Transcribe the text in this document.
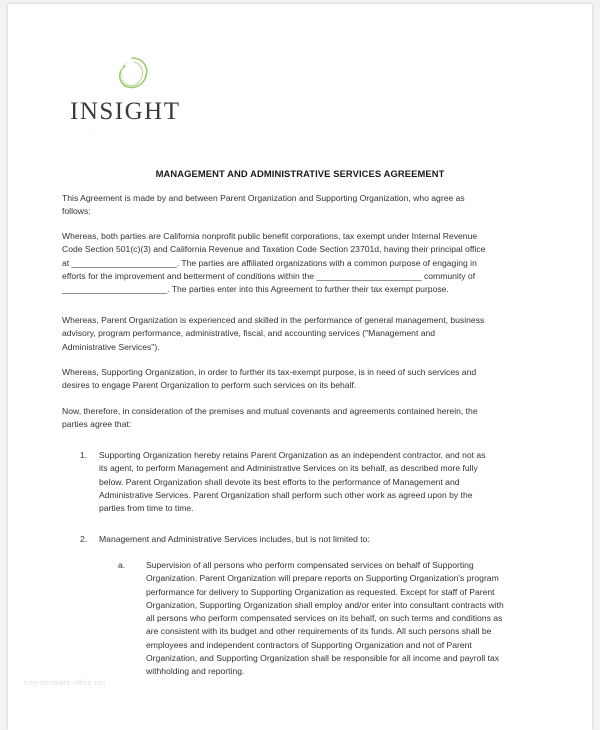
INSIGHT
· · · · · · ·
MANAGEMENT AND ADMINISTRATIVE SERVICES AGREEMENT
This Agreement is made by and between Parent Organization and Supporting Organization, who agree as
follows:
Whereas, both parties are California nonprofit public benefit corporations, tax exempt under Internal Revenue
Code Section 501(c)(3) and California Revenue and Taxation Code Section 23701d, having their principal office
at ______________________. The parties are affiliated organizations with a common purpose of engaging in
efforts for the improvement and betterment of conditions within the ______________________ community of
______________________. The parties enter into this Agreement to further their tax exempt purpose.
Whereas, Parent Organization is experienced and skilled in the performance of general management, business
advisory, program performance, administrative, fiscal, and accounting services ("Management and
Administrative Services").
Whereas, Supporting Organization, in order to further its tax-exempt purpose, is in need of such services and
desires to engage Parent Organization to perform such services on its behalf.
Now, therefore, in consideration of the premises and mutual covenants and agreements contained herein, the
parties agree that:
1. Supporting Organization hereby retains Parent Organization as an independent contractor, and not as
its agent, to perform Management and Administrative Services on its behalf, as described more fully
below. Parent Organization shall devote its best efforts to the performance of Management and
Administrative Services. Parent Organization shall perform such other work as agreed upon by the
parties from time to time.
2. Management and Administrative Services includes, but is not limited to:
a. Supervision of all persons who perform compensated services on behalf of Supporting
Organization. Parent Organization will prepare reports on Supporting Organization's program
performance for delivery to Supporting Organization as requested. Except for staff of Parent
Organization, Supporting Organization shall employ and/or enter into consultant contracts with
all persons who perform compensated services on its behalf, on such terms and conditions as
are consistent with its budget and other requirements of its funds. All such persons shall be
employees and independent contractors of Supporting Organization and not of Parent
Organization, and Supporting Organization shall be responsible for all income and payroll tax
withholding and reporting.
free-template-office.net
